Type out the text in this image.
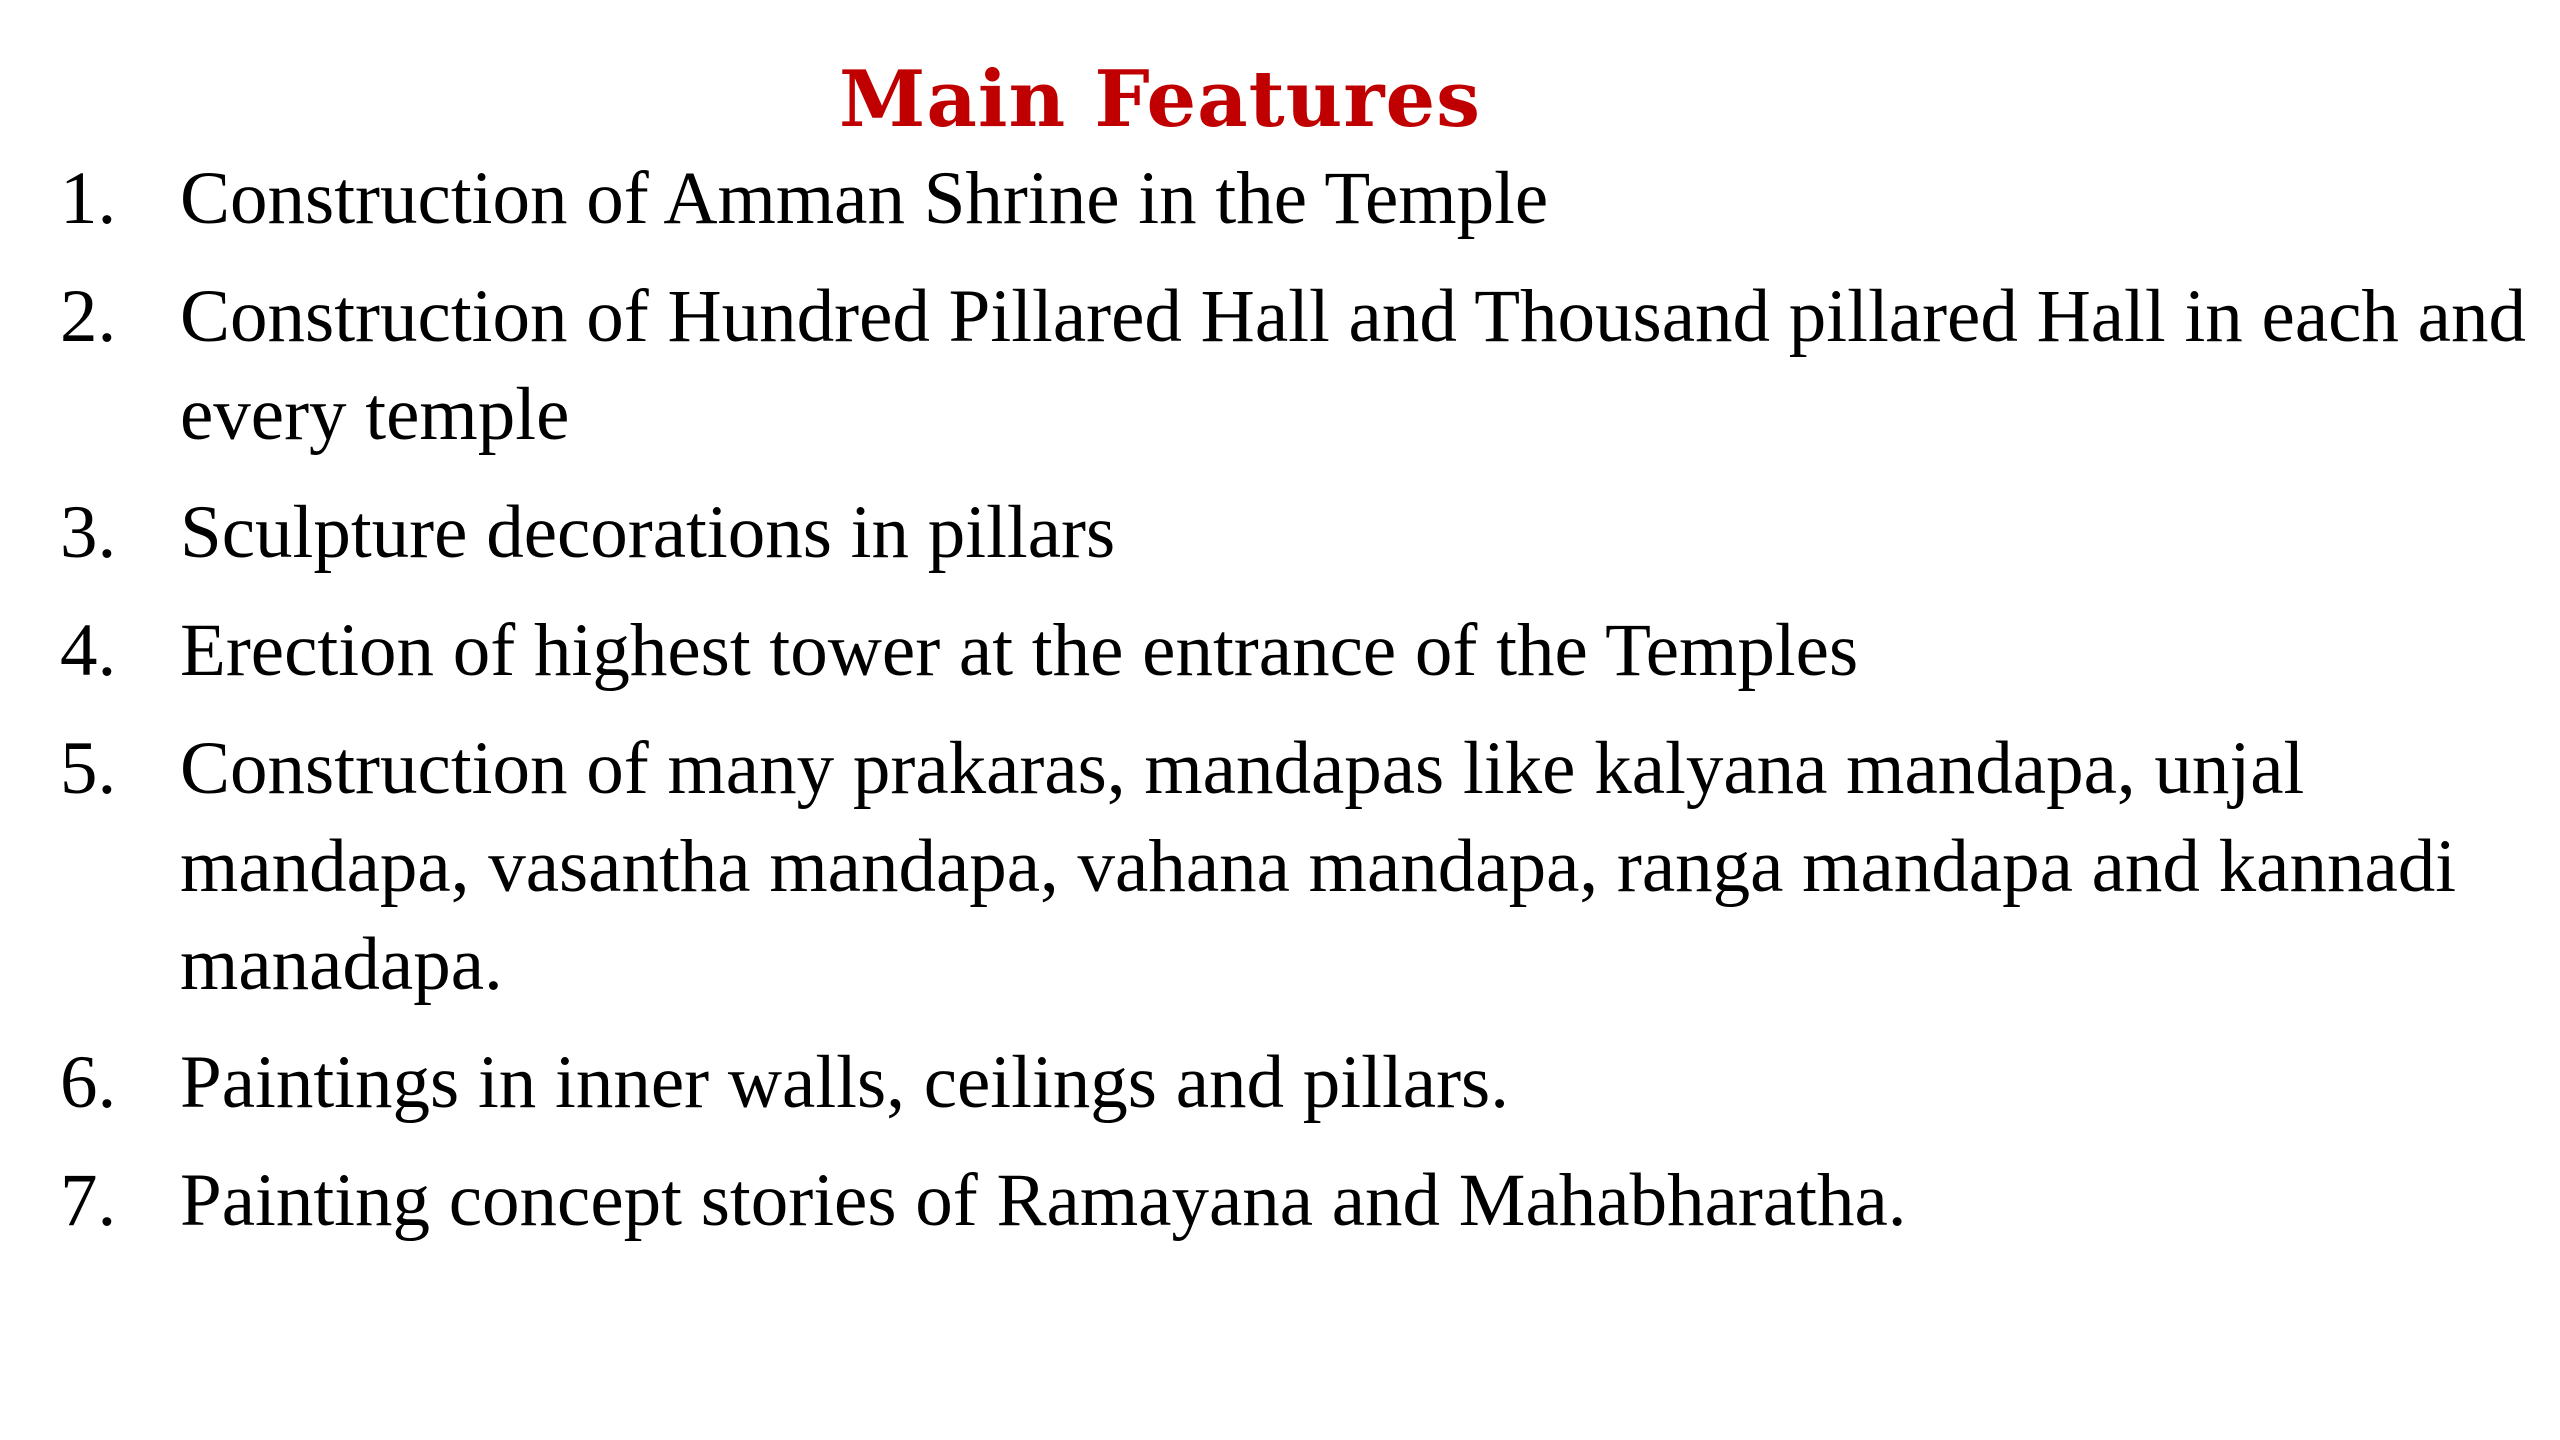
Main Features
1. Construction of Amman Shrine in the Temple
2. Construction of Hundred Pillared Hall and Thousand pillared Hall in each and every temple
3. Sculpture decorations in pillars
4. Erection of highest tower at the entrance of the Temples
5. Construction of many prakaras, mandapas like kalyana mandapa, unjal mandapa, vasantha mandapa, vahana mandapa, ranga mandapa and kannadi manadapa.
6. Paintings in inner walls, ceilings and pillars.
7. Painting concept stories of Ramayana and Mahabharatha.
